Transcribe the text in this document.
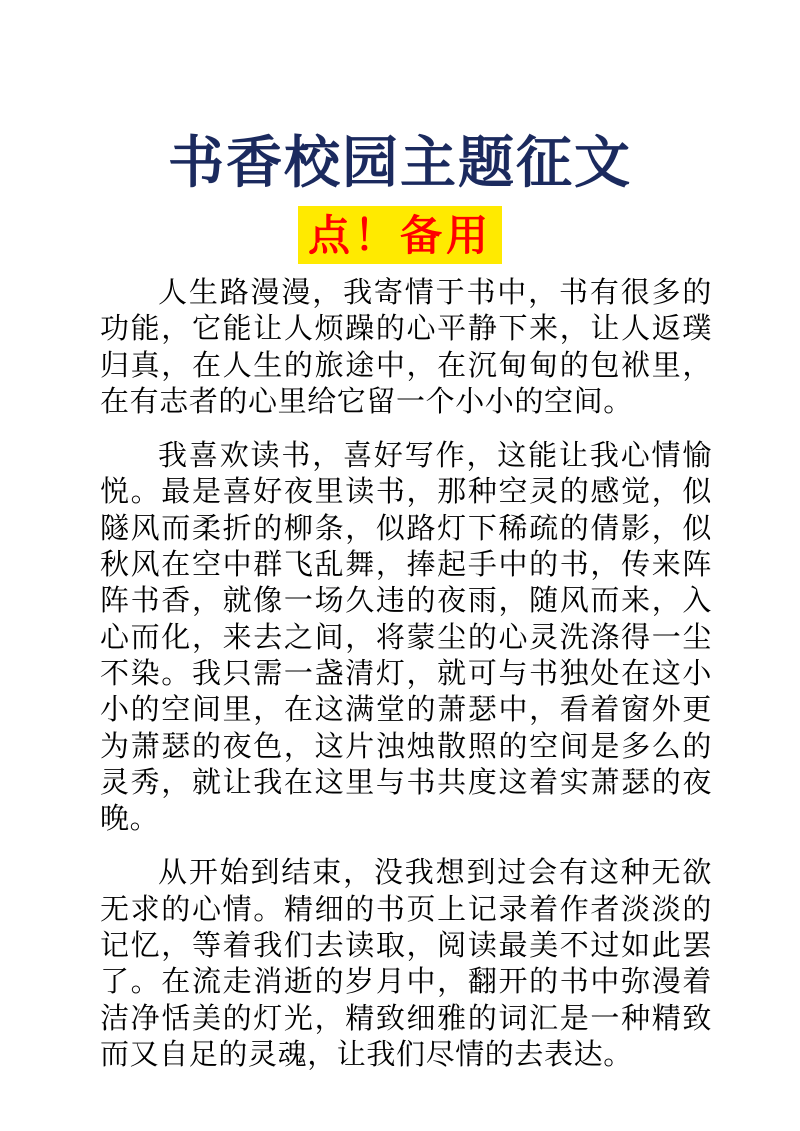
书香校园主题征文
点！备用

人生路漫漫，我寄情于书中，书有很多的功能，它能让人烦躁的心平静下来，让人返璞归真，在人生的旅途中，在沉甸甸的包袱里，在有志者的心里给它留一个小小的空间。

我喜欢读书，喜好写作，这能让我心情愉悦。最是喜好夜里读书，那种空灵的感觉，似隧风而柔折的柳条，似路灯下稀疏的倩影，似秋风在空中群飞乱舞，捧起手中的书，传来阵阵书香，就像一场久违的夜雨，随风而来，入心而化，来去之间，将蒙尘的心灵洗涤得一尘不染。我只需一盏清灯，就可与书独处在这小小的空间里，在这满堂的萧瑟中，看着窗外更为萧瑟的夜色，这片浊烛散照的空间是多么的灵秀，就让我在这里与书共度这着实萧瑟的夜晚。

从开始到结束，没我想到过会有这种无欲无求的心情。精细的书页上记录着作者淡淡的记忆，等着我们去读取，阅读最美不过如此罢了。在流走消逝的岁月中，翻开的书中弥漫着洁净恬美的灯光，精致细雅的词汇是一种精致而又自足的灵魂，让我们尽情的去表达。
